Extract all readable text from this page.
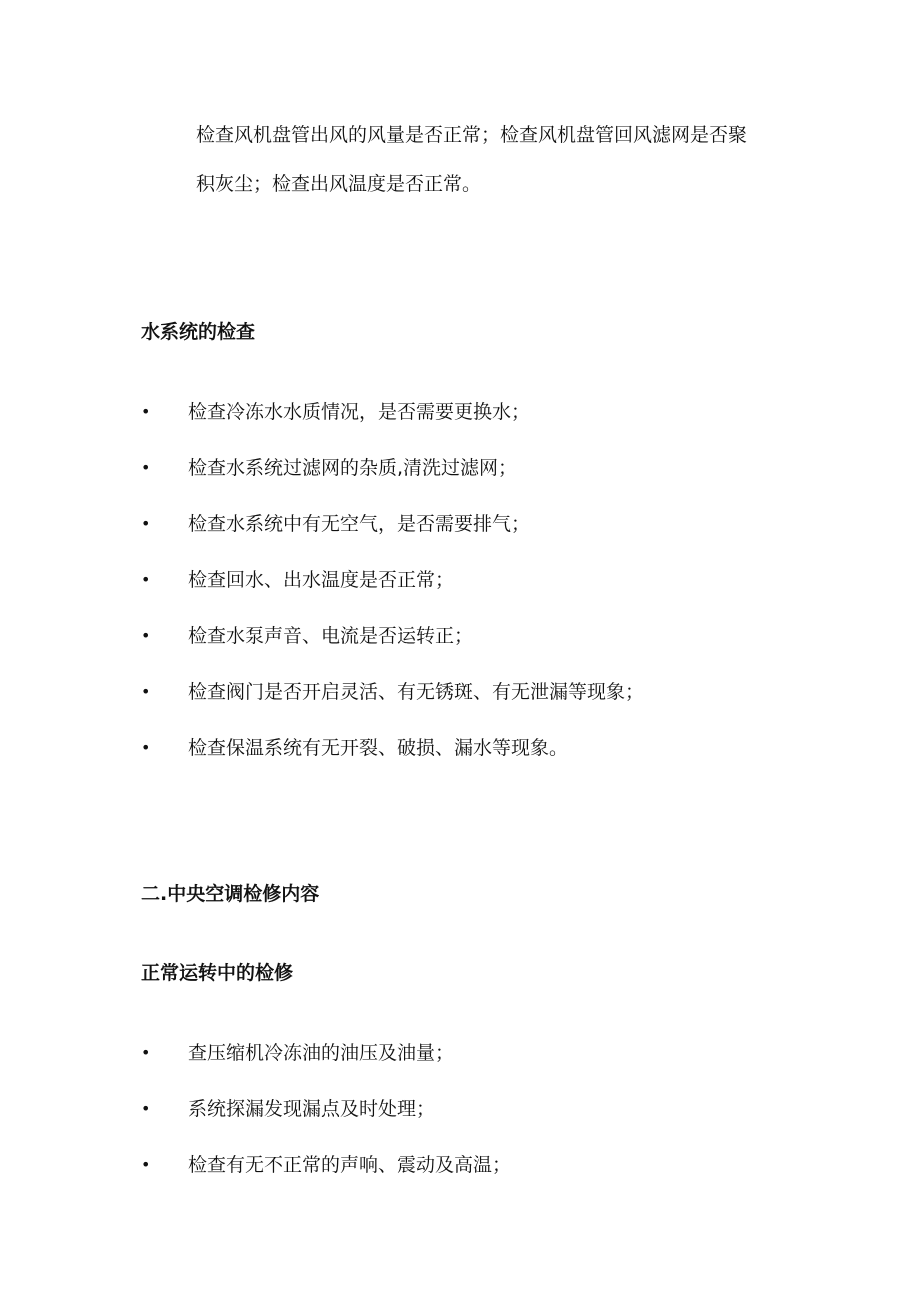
检查风机盘管出风的风量是否正常；检查风机盘管回风滤网是否聚
积灰尘；检查出风温度是否正常。
水系统的检查
• 检查冷冻水水质情况，是否需要更换水；
• 检查水系统过滤网的杂质,清洗过滤网；
• 检查水系统中有无空气，是否需要排气；
• 检查回水、出水温度是否正常；
• 检查水泵声音、电流是否运转正；
• 检查阀门是否开启灵活、有无锈斑、有无泄漏等现象；
• 检查保温系统有无开裂、破损、漏水等现象。
二.中央空调检修内容
正常运转中的检修
• 查压缩机冷冻油的油压及油量；
• 系统探漏发现漏点及时处理；
• 检查有无不正常的声响、震动及高温；
